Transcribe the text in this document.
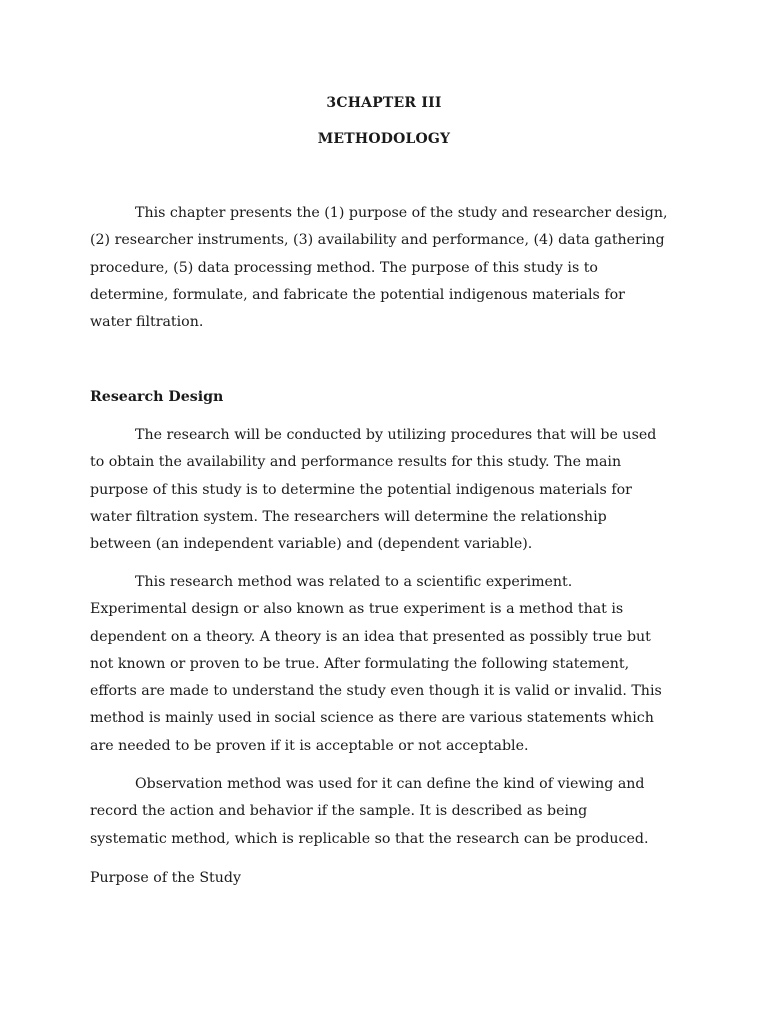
3CHAPTER III
METHODOLOGY

This chapter presents the (1) purpose of the study and researcher design,
(2) researcher instruments, (3) availability and performance, (4) data gathering
procedure, (5) data processing method. The purpose of this study is to
determine, formulate, and fabricate the potential indigenous materials for
water filtration.

Research Design

The research will be conducted by utilizing procedures that will be used
to obtain the availability and performance results for this study. The main
purpose of this study is to determine the potential indigenous materials for
water filtration system. The researchers will determine the relationship
between (an independent variable) and (dependent variable).

This research method was related to a scientific experiment.
Experimental design or also known as true experiment is a method that is
dependent on a theory. A theory is an idea that presented as possibly true but
not known or proven to be true. After formulating the following statement,
efforts are made to understand the study even though it is valid or invalid. This
method is mainly used in social science as there are various statements which
are needed to be proven if it is acceptable or not acceptable.

Observation method was used for it can define the kind of viewing and
record the action and behavior if the sample. It is described as being
systematic method, which is replicable so that the research can be produced.

Purpose of the Study
